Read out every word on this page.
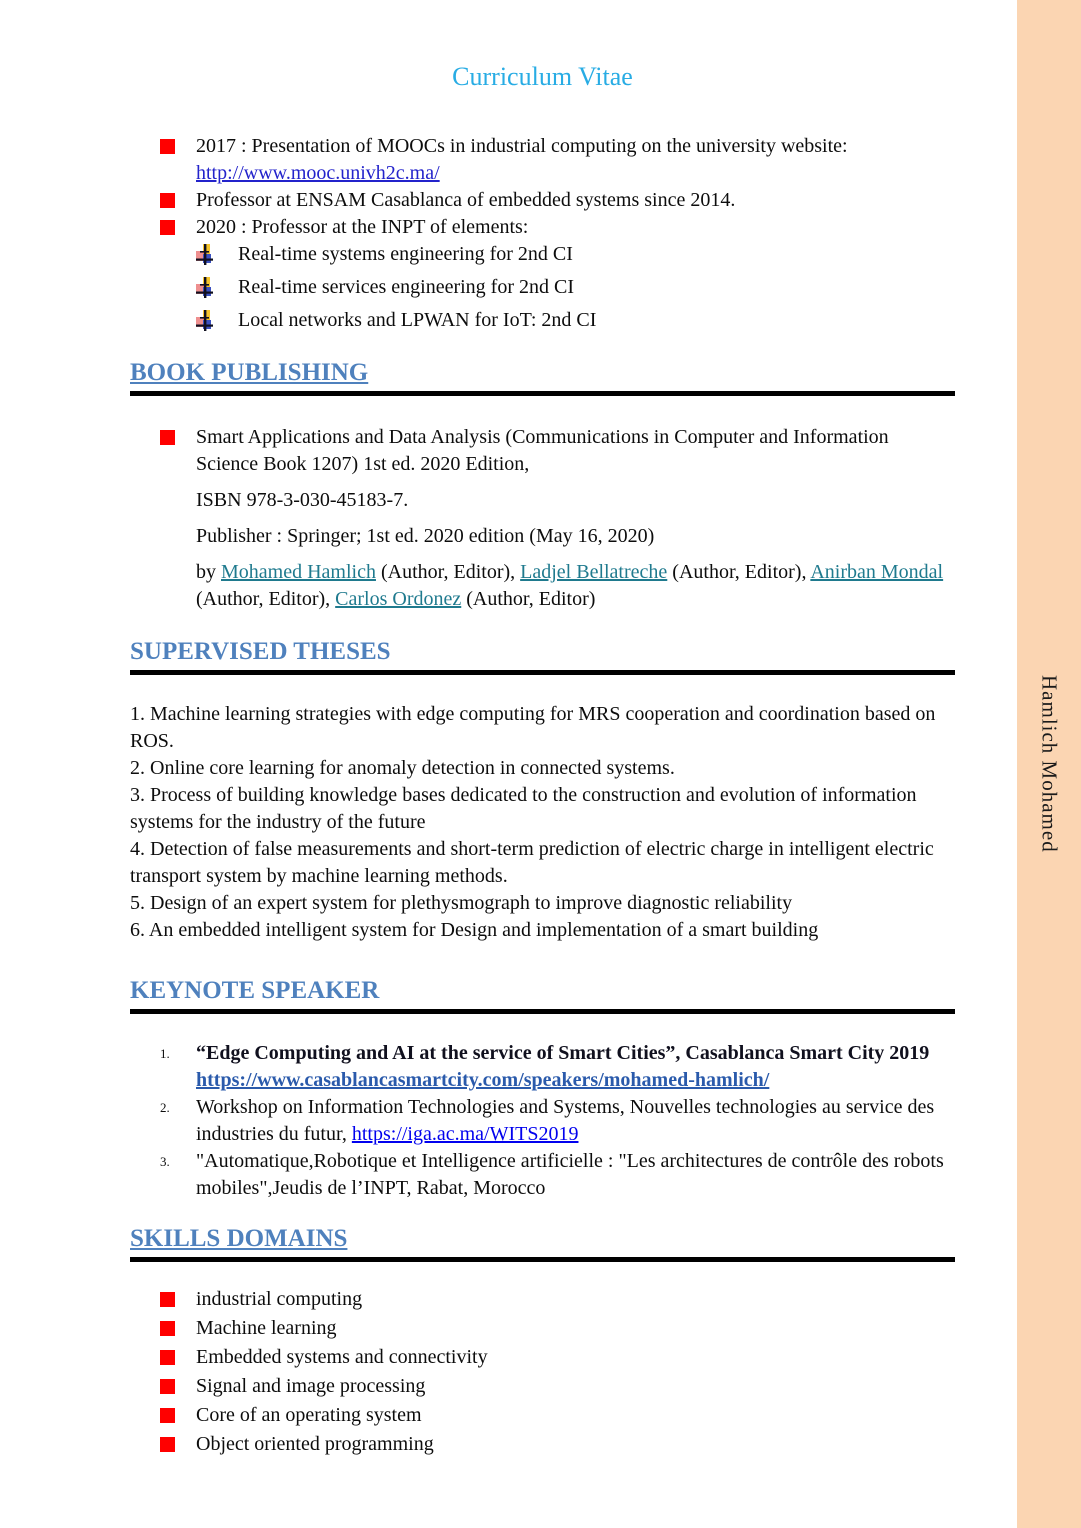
Hamlich Mohamed
Curriculum Vitae
2017 : Presentation of MOOCs in industrial computing on the university website:
http://www.mooc.univh2c.ma/
Professor at ENSAM Casablanca of embedded systems since 2014.
2020 : Professor at the INPT of elements:
Real-time systems engineering for 2nd CI
Real-time services engineering for 2nd CI
Local networks and LPWAN for IoT: 2nd CI
BOOK PUBLISHING
Smart Applications and Data Analysis (Communications in Computer and Information Science Book 1207) 1st ed. 2020 Edition,
ISBN 978-3-030-45183-7.
Publisher : Springer; 1st ed. 2020 edition (May 16, 2020)
by Mohamed Hamlich (Author, Editor), Ladjel Bellatreche (Author, Editor), Anirban Mondal (Author, Editor), Carlos Ordonez (Author, Editor)
SUPERVISED THESES
1. Machine learning strategies with edge computing for MRS cooperation and coordination based on ROS.
2. Online core learning for anomaly detection in connected systems.
3. Process of building knowledge bases dedicated to the construction and evolution of information systems for the industry of the future
4. Detection of false measurements and short-term prediction of electric charge in intelligent electric transport system by machine learning methods.
5. Design of an expert system for plethysmograph to improve diagnostic reliability
6. An embedded intelligent system for Design and implementation of a smart building
KEYNOTE SPEAKER
1.	“Edge Computing and AI at the service of Smart Cities”, Casablanca Smart City 2019
https://www.casablancasmartcity.com/speakers/mohamed-hamlich/
2.	Workshop on Information Technologies and Systems, Nouvelles technologies au service des industries du futur, https://iga.ac.ma/WITS2019
3.	"Automatique,Robotique et Intelligence artificielle : "Les architectures de contrôle des robots mobiles",Jeudis de l’INPT, Rabat, Morocco
SKILLS DOMAINS
industrial computing
Machine learning
Embedded systems and connectivity
Signal and image processing
Core of an operating system
Object oriented programming
